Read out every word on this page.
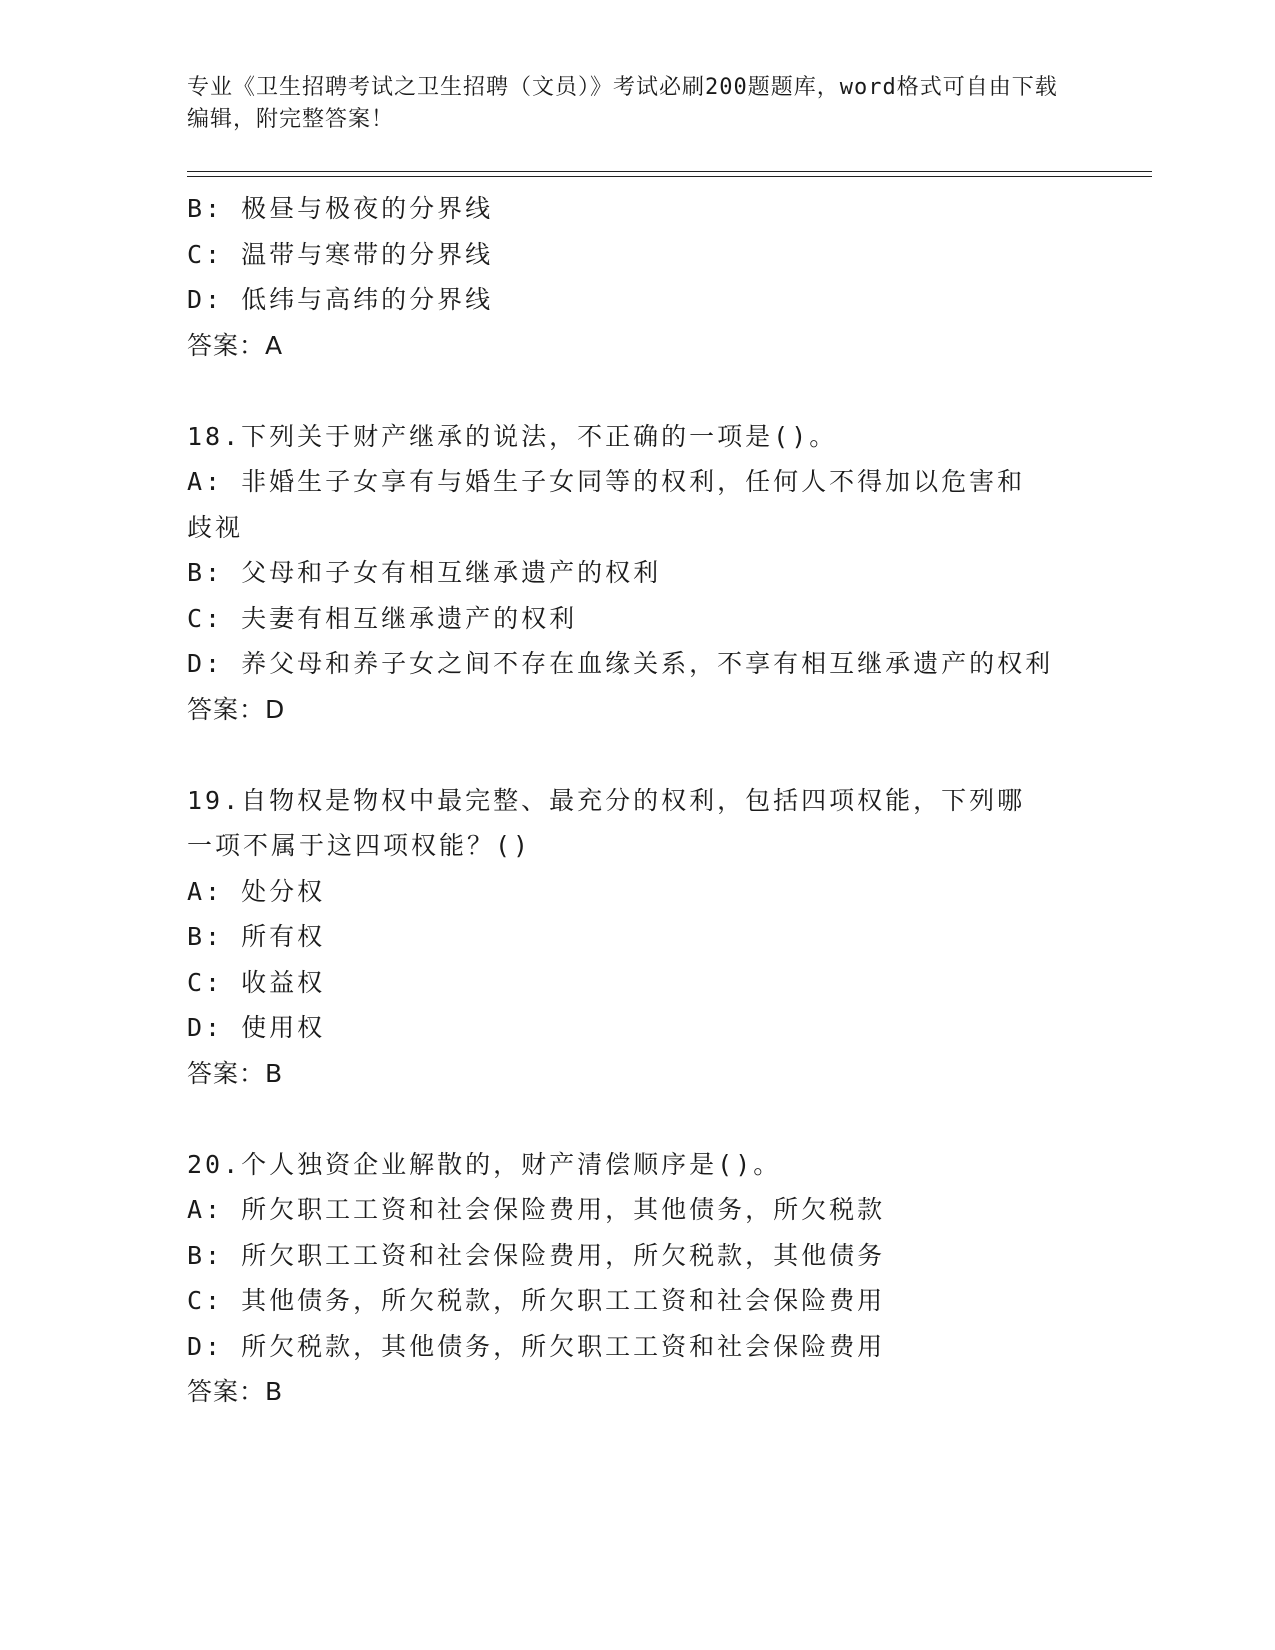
专业《卫生招聘考试之卫生招聘（文员）》考试必刷200题题库，word格式可自由下载编辑，附完整答案！
B: 极昼与极夜的分界线
C: 温带与寒带的分界线
D: 低纬与高纬的分界线
答案：A
18.下列关于财产继承的说法，不正确的一项是()。
A: 非婚生子女享有与婚生子女同等的权利，任何人不得加以危害和歧视
B: 父母和子女有相互继承遗产的权利
C: 夫妻有相互继承遗产的权利
D: 养父母和养子女之间不存在血缘关系，不享有相互继承遗产的权利
答案：D
19.自物权是物权中最完整、最充分的权利，包括四项权能，下列哪一项不属于这四项权能？()
A: 处分权
B: 所有权
C: 收益权
D: 使用权
答案：B
20.个人独资企业解散的，财产清偿顺序是()。
A: 所欠职工工资和社会保险费用，其他债务，所欠税款
B: 所欠职工工资和社会保险费用，所欠税款，其他债务
C: 其他债务，所欠税款，所欠职工工资和社会保险费用
D: 所欠税款，其他债务，所欠职工工资和社会保险费用
答案：B
